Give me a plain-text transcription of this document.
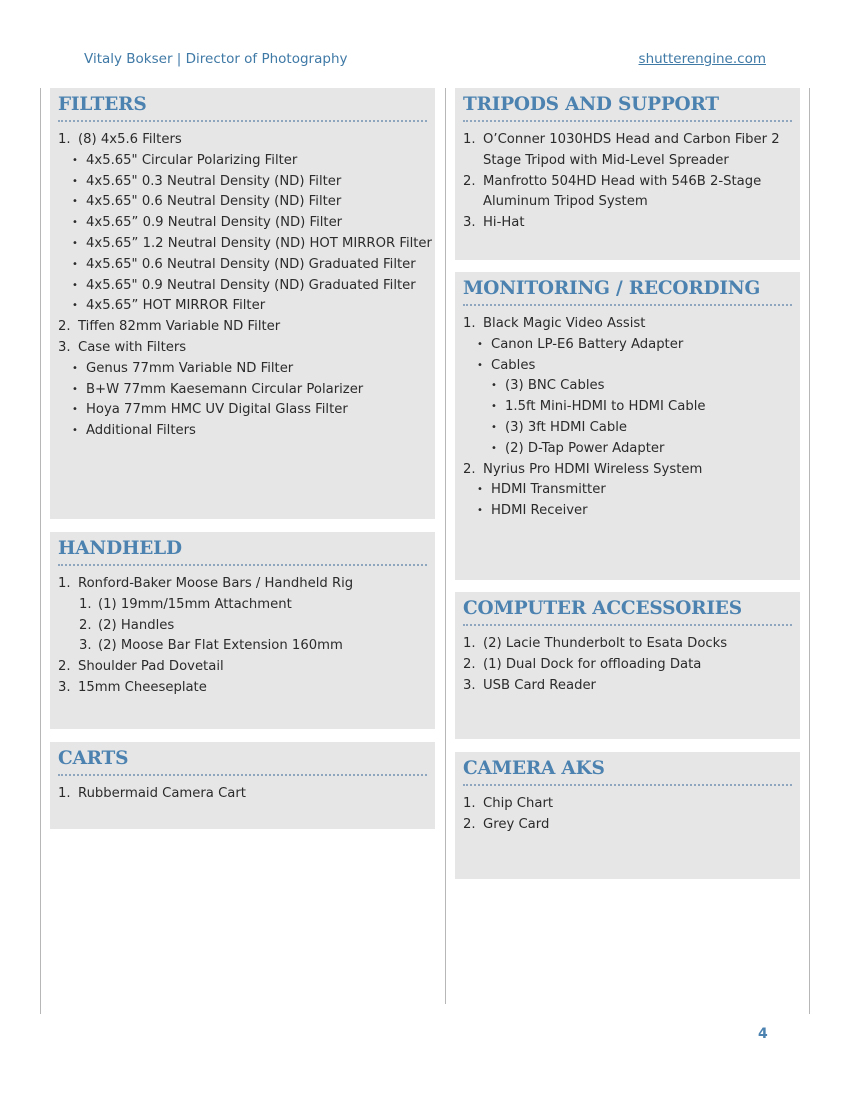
Vitaly Bokser | Director of Photography	shutterengine.com
FILTERS
1. (8) 4x5.6 Filters
• 4x5.65" Circular Polarizing Filter
• 4x5.65" 0.3 Neutral Density (ND) Filter
• 4x5.65" 0.6 Neutral Density (ND) Filter
• 4x5.65” 0.9 Neutral Density (ND) Filter
• 4x5.65” 1.2 Neutral Density (ND) HOT MIRROR Filter
• 4x5.65" 0.6 Neutral Density (ND) Graduated Filter
• 4x5.65" 0.9 Neutral Density (ND) Graduated Filter
• 4x5.65” HOT MIRROR Filter
2. Tiffen 82mm Variable ND Filter
3. Case with Filters
• Genus 77mm Variable ND Filter
• B+W 77mm Kaesemann Circular Polarizer
• Hoya 77mm HMC UV Digital Glass Filter
• Additional Filters
HANDHELD
1. Ronford-Baker Moose Bars / Handheld Rig
1. (1) 19mm/15mm Attachment
2. (2) Handles
3. (2) Moose Bar Flat Extension 160mm
2. Shoulder Pad Dovetail
3. 15mm Cheeseplate
CARTS
1. Rubbermaid Camera Cart
TRIPODS AND SUPPORT
1. O’Conner 1030HDS Head and Carbon Fiber 2
Stage Tripod with Mid-Level Spreader
2. Manfrotto 504HD Head with 546B 2-Stage
Aluminum Tripod System
3. Hi-Hat
MONITORING / RECORDING
1. Black Magic Video Assist
• Canon LP-E6 Battery Adapter
• Cables
• (3) BNC Cables
• 1.5ft Mini-HDMI to HDMI Cable
• (3) 3ft HDMI Cable
• (2) D-Tap Power Adapter
2. Nyrius Pro HDMI Wireless System
• HDMI Transmitter
• HDMI Receiver
COMPUTER ACCESSORIES
1. (2) Lacie Thunderbolt to Esata Docks
2. (1) Dual Dock for offloading Data
3. USB Card Reader
CAMERA AKS
1. Chip Chart
2. Grey Card
4
